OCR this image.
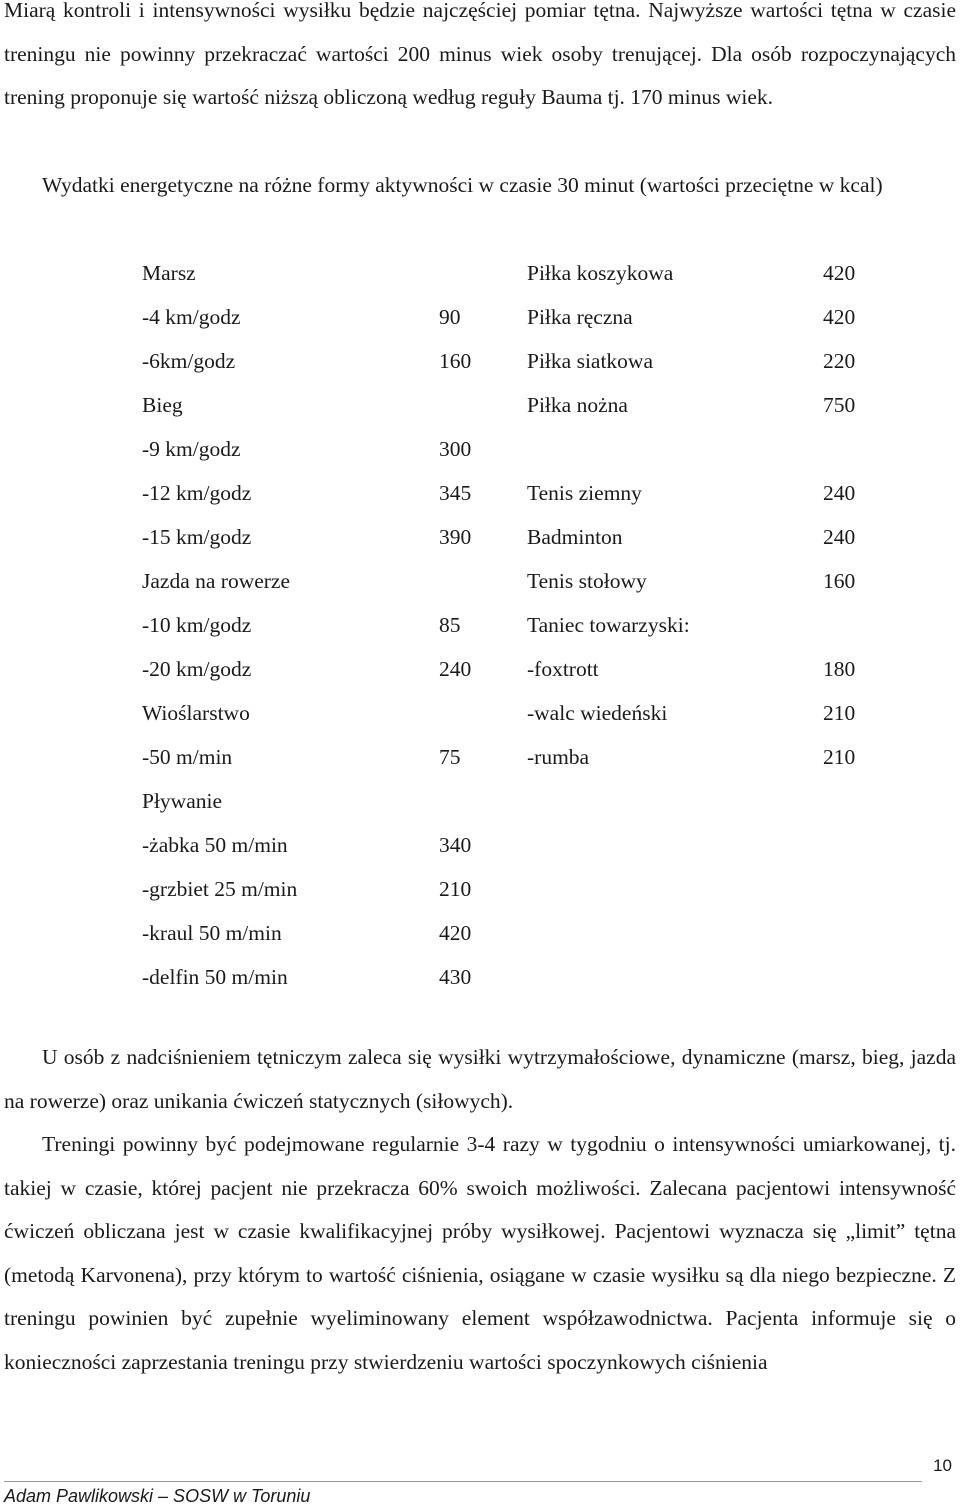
Miarą kontroli i intensywności wysiłku będzie najczęściej pomiar tętna. Najwyższe wartości tętna w czasie treningu nie powinny przekraczać wartości 200 minus wiek osoby trenującej. Dla osób rozpoczynających trening proponuje się wartość niższą obliczoną według reguły Bauma tj. 170 minus wiek.

Wydatki energetyczne na różne formy aktywności w czasie 30 minut (wartości przeciętne w kcal)

Marsz		Piłka koszykowa	420
-4 km/godz	90	Piłka ręczna	420
-6km/godz	160	Piłka siatkowa	220
Bieg		Piłka nożna	750
-9 km/godz	300		
-12 km/godz	345	Tenis ziemny	240
-15 km/godz	390	Badminton	240
Jazda na rowerze		Tenis stołowy	160
-10 km/godz	85	Taniec towarzyski:	
-20 km/godz	240	-foxtrott	180
Wioślarstwo		-walc wiedeński	210
-50 m/min	75	-rumba	210
Pływanie			
-żabka 50 m/min	340		
-grzbiet 25 m/min	210		
-kraul 50 m/min	420		
-delfin 50 m/min	430		

U osób z nadciśnieniem tętniczym zaleca się wysiłki wytrzymałościowe, dynamiczne (marsz, bieg, jazda na rowerze) oraz unikania ćwiczeń statycznych (siłowych).

Treningi powinny być podejmowane regularnie 3-4 razy w tygodniu o intensywności umiarkowanej, tj. takiej w czasie, której pacjent nie przekracza 60% swoich możliwości. Zalecana pacjentowi intensywność ćwiczeń obliczana jest w czasie kwalifikacyjnej próby wysiłkowej. Pacjentowi wyznacza się „limit” tętna (metodą Karvonena), przy którym to wartość ciśnienia, osiągane w czasie wysiłku są dla niego bezpieczne. Z treningu powinien być zupełnie wyeliminowany element współzawodnictwa. Pacjenta informuje się o konieczności zaprzestania treningu przy stwierdzeniu wartości spoczynkowych ciśnienia

10
Adam Pawlikowski – SOSW w Toruniu
